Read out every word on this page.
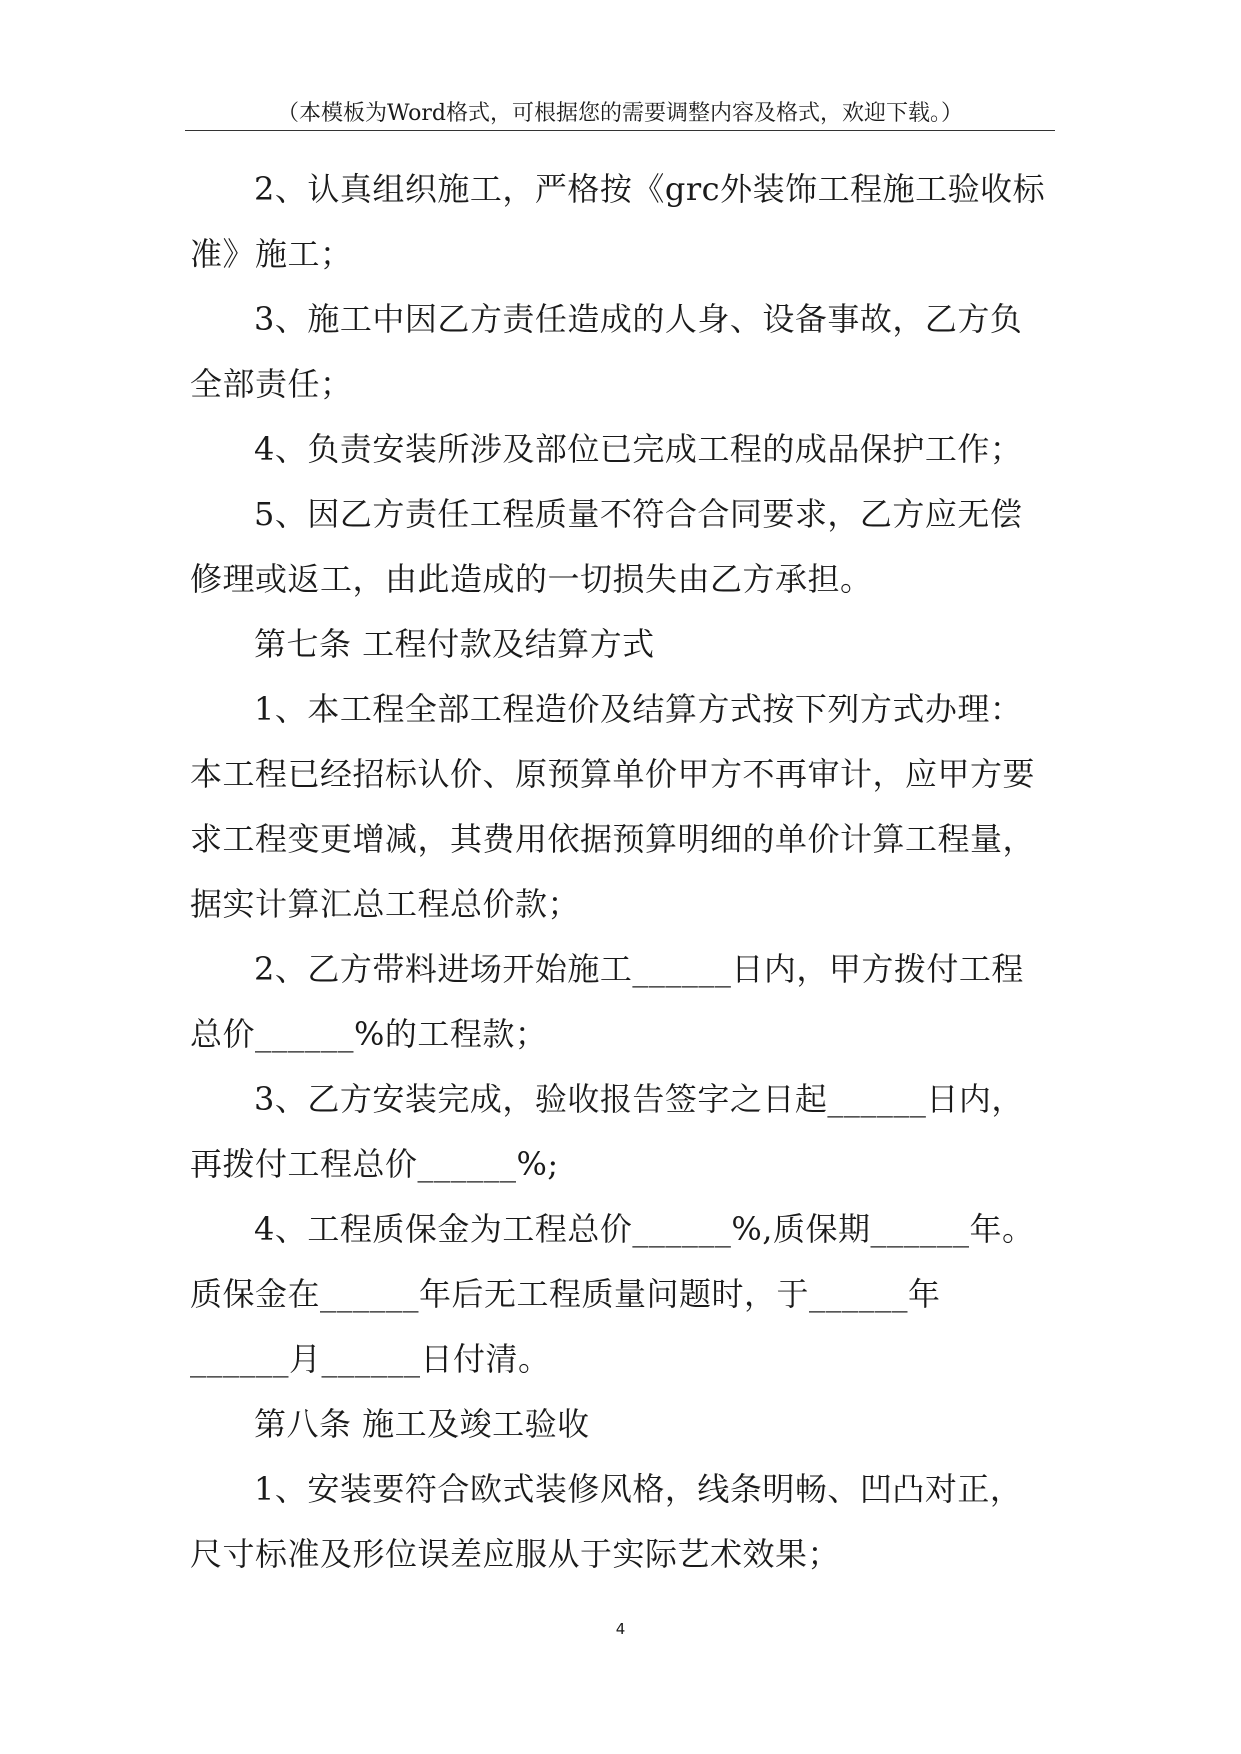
（本模板为Word格式，可根据您的需要调整内容及格式，欢迎下载。）
2、认真组织施工，严格按《grc外装饰工程施工验收标
准》施工；
3、施工中因乙方责任造成的人身、设备事故，乙方负
全部责任；
4、负责安装所涉及部位已完成工程的成品保护工作；
5、因乙方责任工程质量不符合合同要求，乙方应无偿
修理或返工，由此造成的一切损失由乙方承担。
第七条 工程付款及结算方式
1、本工程全部工程造价及结算方式按下列方式办理：
本工程已经招标认价、原预算单价甲方不再审计，应甲方要
求工程变更增减，其费用依据预算明细的单价计算工程量，
据实计算汇总工程总价款；
2、乙方带料进场开始施工______日内，甲方拨付工程
总价______%的工程款；
3、乙方安装完成，验收报告签字之日起______日内，
再拨付工程总价______%;
4、工程质保金为工程总价______%,质保期______年。
质保金在______年后无工程质量问题时，于______年
______月______日付清。
第八条 施工及竣工验收
1、安装要符合欧式装修风格，线条明畅、凹凸对正，
尺寸标准及形位误差应服从于实际艺术效果；
4
